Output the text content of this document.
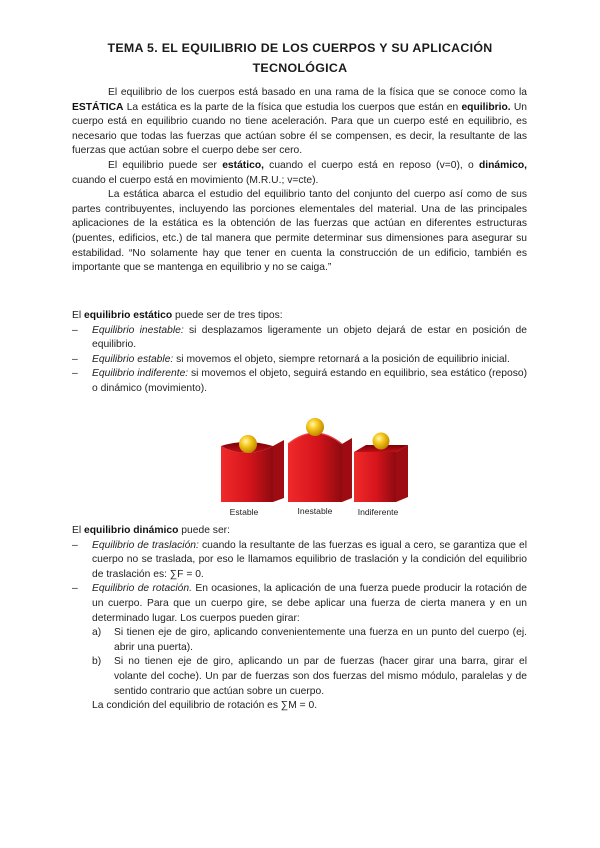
TEMA 5. EL EQUILIBRIO DE LOS CUERPOS Y SU APLICACIÓN
TECNOLÓGICA

El equilibrio de los cuerpos está basado en una rama de la física que se conoce como la ESTÁTICA La estática es la parte de la física que estudia los cuerpos que están en equilibrio. Un cuerpo está en equilibrio cuando no tiene aceleración. Para que un cuerpo esté en equilibrio, es necesario que todas las fuerzas que actúan sobre él se compensen, es decir, la resultante de las fuerzas que actúan sobre el cuerpo debe ser cero.

El equilibrio puede ser estático, cuando el cuerpo está en reposo (v=0), o dinámico, cuando el cuerpo está en movimiento (M.R.U.; v=cte).

La estática abarca el estudio del equilibrio tanto del conjunto del cuerpo así como de sus partes contribuyentes, incluyendo las porciones elementales del material. Una de las principales aplicaciones de la estática es la obtención de las fuerzas que actúan en diferentes estructuras (puentes, edificios, etc.) de tal manera que permite determinar sus dimensiones para asegurar su estabilidad. “No solamente hay que tener en cuenta la construcción de un edificio, también es importante que se mantenga en equilibrio y no se caiga.”

El equilibrio estático puede ser de tres tipos:

– Equilibrio inestable: si desplazamos ligeramente un objeto dejará de estar en posición de equilibrio.
– Equilibrio estable: si movemos el objeto, siempre retornará a la posición de equilibrio inicial.
– Equilibrio indiferente: si movemos el objeto, seguirá estando en equilibrio, sea estático (reposo) o dinámico (movimiento).
Estable	Inestable	Indiferente

El equilibrio dinámico puede ser:

– Equilibrio de traslación: cuando la resultante de las fuerzas es igual a cero, se garantiza que el cuerpo no se traslada, por eso le llamamos equilibrio de traslación y la condición del equilibrio de traslación es: ∑F = 0.
– Equilibrio de rotación. En ocasiones, la aplicación de una fuerza puede producir la rotación de un cuerpo. Para que un cuerpo gire, se debe aplicar una fuerza de cierta manera y en un determinado lugar. Los cuerpos pueden girar:
a) Si tienen eje de giro, aplicando convenientemente una fuerza en un punto del cuerpo (ej. abrir una puerta).
b) Si no tienen eje de giro, aplicando un par de fuerzas (hacer girar una barra, girar el volante del coche). Un par de fuerzas son dos fuerzas del mismo módulo, paralelas y de sentido contrario que actúan sobre un cuerpo.

La condición del equilibrio de rotación es ∑M = 0.
